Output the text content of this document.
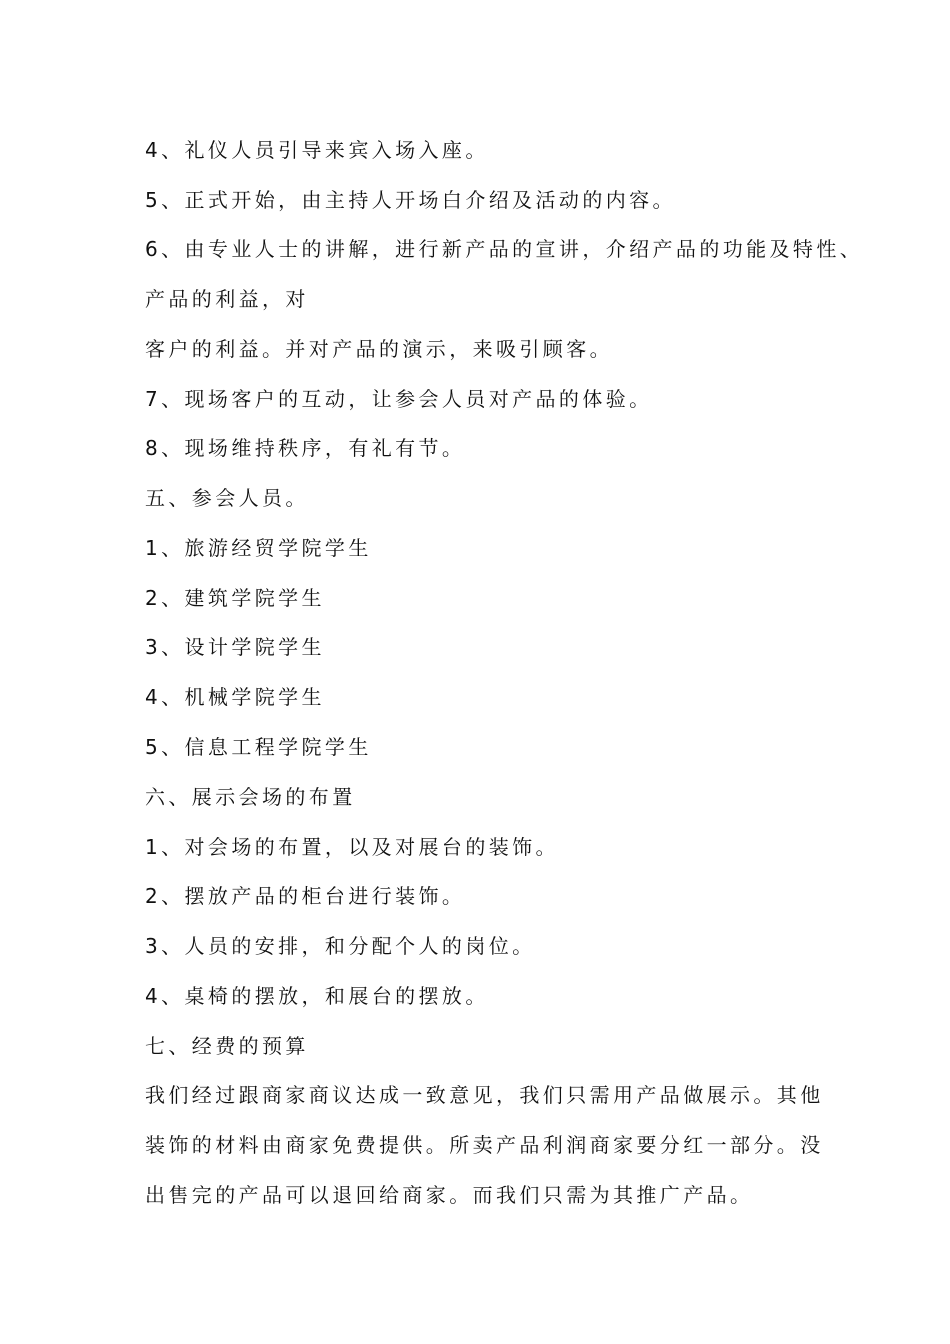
4、礼仪人员引导来宾入场入座。
5、正式开始，由主持人开场白介绍及活动的内容。
6、由专业人士的讲解，进行新产品的宣讲，介绍产品的功能及特性、
产品的利益，对
客户的利益。并对产品的演示，来吸引顾客。
7、现场客户的互动，让参会人员对产品的体验。
8、现场维持秩序，有礼有节。
五、参会人员。
1、旅游经贸学院学生
2、建筑学院学生
3、设计学院学生
4、机械学院学生
5、信息工程学院学生
六、展示会场的布置
1、对会场的布置，以及对展台的装饰。
2、摆放产品的柜台进行装饰。
3、人员的安排，和分配个人的岗位。
4、桌椅的摆放，和展台的摆放。
七、经费的预算
我们经过跟商家商议达成一致意见，我们只需用产品做展示。其他
装饰的材料由商家免费提供。所卖产品利润商家要分红一部分。没
出售完的产品可以退回给商家。而我们只需为其推广产品。
